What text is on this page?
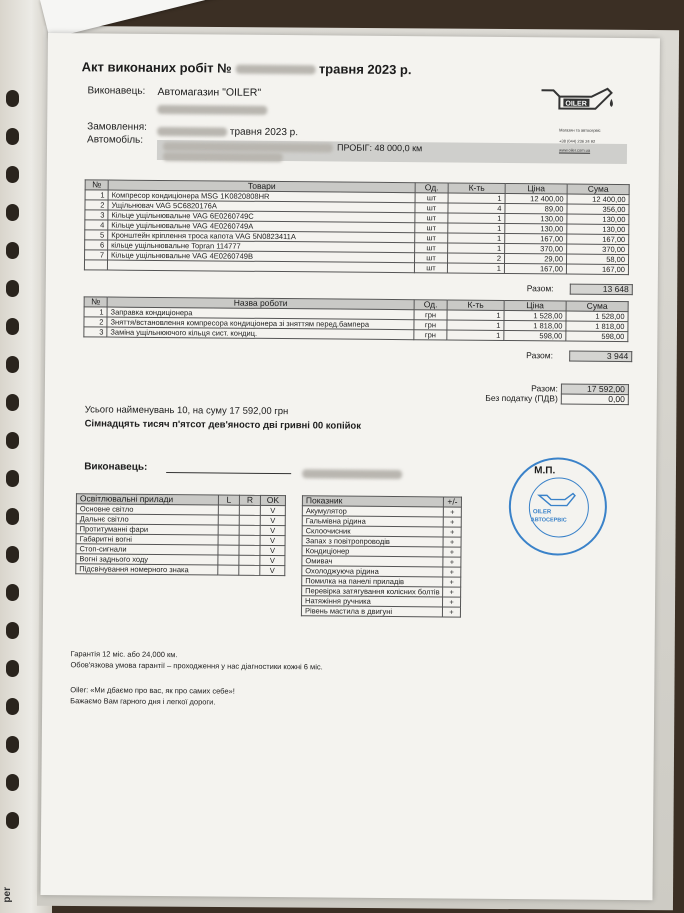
per
Акт виконаних робіт №	травня 2023 р.
Виконавець: Автомагазин "OILER"
Замовлення:	травня 2023 р.
Автомобіль:
ПРОБІГ: 48 000,0 км
OILER
Магазин та автосервіс
+38 (044) 236 24 92
www.oiler.com.ua
№	Товари	Од.	К-ть	Ціна	Сума
1	Компресор кондиціонера MSG 1K0820808HR	шт	1	12 400,00	12 400,00
2	Ущільнювач VAG 5C6820176A	шт	4	89,00	356,00
3	Кільце ущільнювальне VAG 6E0260749C	шт	1	130,00	130,00
4	Кільце ущільнювальне VAG 4E0260749A	шт	1	130,00	130,00
5	Кронштейн кріплення троса капота VAG 5N0823411A	шт	1	167,00	167,00
6	кільце ущільнювальне Topran 114777	шт	1	370,00	370,00
7	Кільце ущільнювальне VAG 4E0260749B	шт	2	29,00	58,00
		шт	1	167,00	167,00
Разом:	13 648
№	Назва роботи	Од.	К-ть	Ціна	Сума
1	Заправка кондиціонера	грн	1	1 528,00	1 528,00
2	Зняття/встановлення компресора кондиціонера зі зняттям перед.бампера	грн	1	1 818,00	1 818,00
3	Заміна ущільнюючого кільця сист. кондиц.	грн	1	598,00	598,00
Разом:	3 944
Разом:	17 592,00
Без податку (ПДВ)	0,00
Усього найменувань 10, на суму 17 592,00 грн
Сімнадцять тисяч п'ятсот дев'яносто дві гривні 00 копійок
Виконавець:	М.П.
OILER
АВТОСЕРВІС
Освітлювальні прилади	L	R	OK
Основне світло			V
Дальнє світло			V
Протитуманні фари			V
Габаритні вогні			V
Стоп-сигнали			V
Вогні заднього ходу			V
Підсвічування номерного знака			V
Показник	+/-
Акумулятор	+
Гальмівна рідина	+
Склоочисник	+
Запах з повітропроводів	+
Кондиціонер	+
Омивач	+
Охолоджуюча рідина	+
Помилка на панелі приладів	+
Перевірка затягування колісних болтів	+
Натяжіння ручника	+
Рівень мастила в двигуні	+
Гарантія 12 міс. або 24,000 км.
Обов'язкова умова гарантії – проходження у нас діагностики кожні 6 міс.
Oiler: «Ми дбаємо про вас, як про самих себе»!
Бажаємо Вам гарного дня і легкої дороги.
